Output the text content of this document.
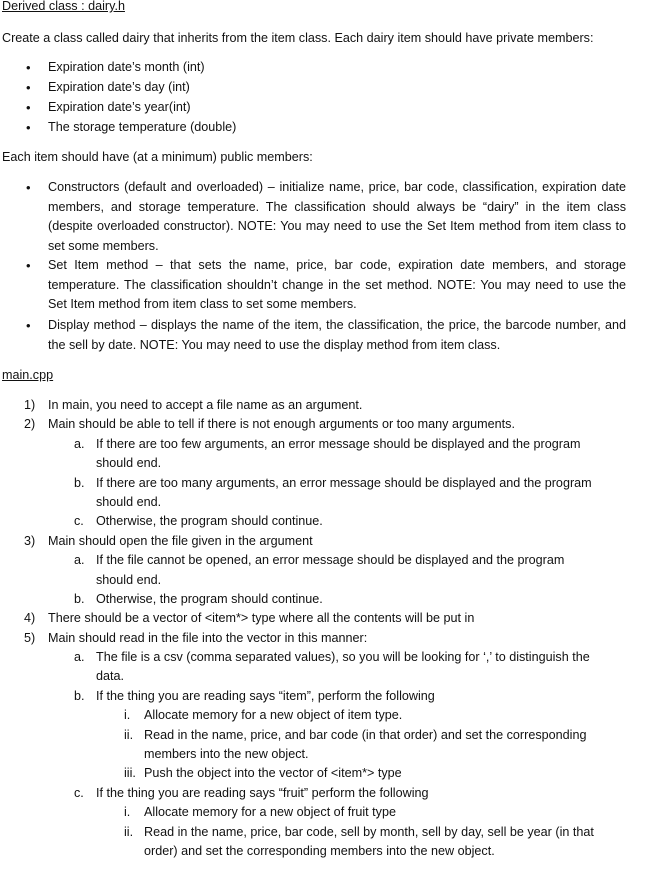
Derived class : dairy.h

Create a class called dairy that inherits from the item class. Each dairy item should have private members:

• Expiration date’s month (int)
• Expiration date’s day (int)
• Expiration date’s year(int)
• The storage temperature (double)

Each item should have (at a minimum) public members:

• Constructors (default and overloaded) – initialize name, price, bar code, classification, expiration date members, and storage temperature. The classification should always be “dairy” in the item class (despite overloaded constructor). NOTE: You may need to use the Set Item method from item class to set some members.
• Set Item method – that sets the name, price, bar code, expiration date members, and storage temperature. The classification shouldn’t change in the set method. NOTE: You may need to use the Set Item method from item class to set some members.
• Display method – displays the name of the item, the classification, the price, the barcode number, and the sell by date. NOTE: You may need to use the display method from item class.

main.cpp

1) In main, you need to accept a file name as an argument.
2) Main should be able to tell if there is not enough arguments or too many arguments.
a. If there are too few arguments, an error message should be displayed and the program
should end.
b. If there are too many arguments, an error message should be displayed and the program
should end.
c. Otherwise, the program should continue.
3) Main should open the file given in the argument
a. If the file cannot be opened, an error message should be displayed and the program
should end.
b. Otherwise, the program should continue.
4) There should be a vector of <item*> type where all the contents will be put in
5) Main should read in the file into the vector in this manner:
a. The file is a csv (comma separated values), so you will be looking for ‘,’ to distinguish the
data.
b. If the thing you are reading says “item”, perform the following
i. Allocate memory for a new object of item type.
ii. Read in the name, price, and bar code (in that order) and set the corresponding
members into the new object.
iii. Push the object into the vector of <item*> type
c. If the thing you are reading says “fruit” perform the following
i. Allocate memory for a new object of fruit type
ii. Read in the name, price, bar code, sell by month, sell by day, sell be year (in that
order) and set the corresponding members into the new object.
